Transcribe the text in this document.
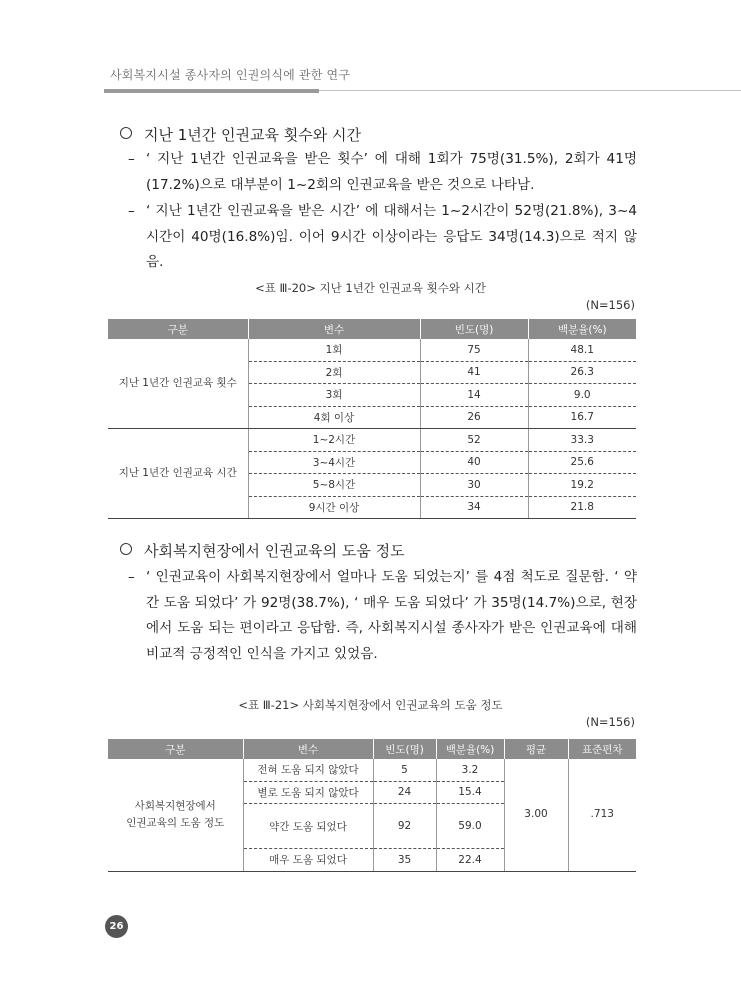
사회복지시설 종사자의 인권의식에 관한 연구
지난 1년간 인권교육 횟수와 시간
– ‘ 지난 1년간 인권교육을 받은 횟수’ 에 대해 1회가 75명(31.5%), 2회가 41명(17.2%)으로 대부분이 1~2회의 인권교육을 받은 것으로 나타남.
– ‘ 지난 1년간 인권교육을 받은 시간’ 에 대해서는 1~2시간이 52명(21.8%), 3~4시간이 40명(16.8%)임. 이어 9시간 이상이라는 응답도 34명(14.3)으로 적지 않음.
<표 Ⅲ-20> 지난 1년간 인권교육 횟수와 시간
(N=156)
구분	변수	빈도(명)	백분율(%)
지난 1년간 인권교육 횟수	1회	75	48.1
	2회	41	26.3
	3회	14	9.0
	4회 이상	26	16.7
지난 1년간 인권교육 시간	1~2시간	52	33.3
	3~4시간	40	25.6
	5~8시간	30	19.2
	9시간 이상	34	21.8
사회복지현장에서 인권교육의 도움 정도
– ‘ 인권교육이 사회복지현장에서 얼마나 도움 되었는지’ 를 4점 척도로 질문함. ‘ 약간 도움 되었다’ 가 92명(38.7%), ‘ 매우 도움 되었다’ 가 35명(14.7%)으로, 현장에서 도움 되는 편이라고 응답함. 즉, 사회복지시설 종사자가 받은 인권교육에 대해 비교적 긍정적인 인식을 가지고 있었음.
<표 Ⅲ-21> 사회복지현장에서 인권교육의 도움 정도
(N=156)
구분	변수	빈도(명)	백분율(%)	평균	표준편차

사회복지현장에서
인권교육의 도움 정도	전혀 도움 되지 않았다	5	3.2	3.00	.713
	별로 도움 되지 않았다	24	15.4		
	약간 도움 되었다	92	59.0		
	매우 도움 되었다	35	22.4		
26
